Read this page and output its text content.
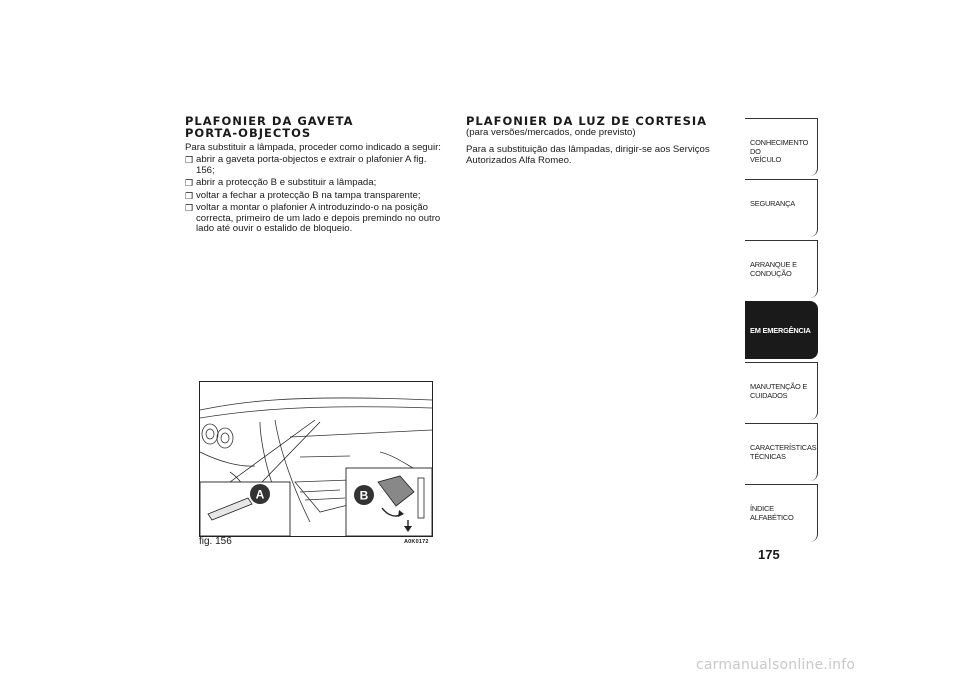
PLAFONIER DA GAVETA
PORTA-OBJECTOS

Para substituir a lâmpada, proceder como indicado a seguir:

❒ abrir a gaveta porta-objectos e extrair o plafonier A fig. 156;
❒ abrir a protecção B e substituir a lâmpada;
❒ voltar a fechar a protecção B na tampa transparente;
❒ voltar a montar o plafonier A introduzindo-o na posição correcta, primeiro de um lado e depois premindo no outro lado até ouvir o estalido de bloqueio.
PLAFONIER DA LUZ DE CORTESIA

(para versões/mercados, onde previsto)

Para a substituição das lâmpadas, dirigir-se aos Serviços Autorizados Alfa Romeo.

A	B
fig. 156	A0K0172
CONHECIMENTO DO
VEÍCULO
SEGURANÇA
ARRANQUE E
CONDUÇÃO
EM EMERGÊNCIA
MANUTENÇÃO E
CUIDADOS
CARACTERÍSTICAS
TÉCNICAS
ÍNDICE ALFABÉTICO
175
carmanualsonline.info
